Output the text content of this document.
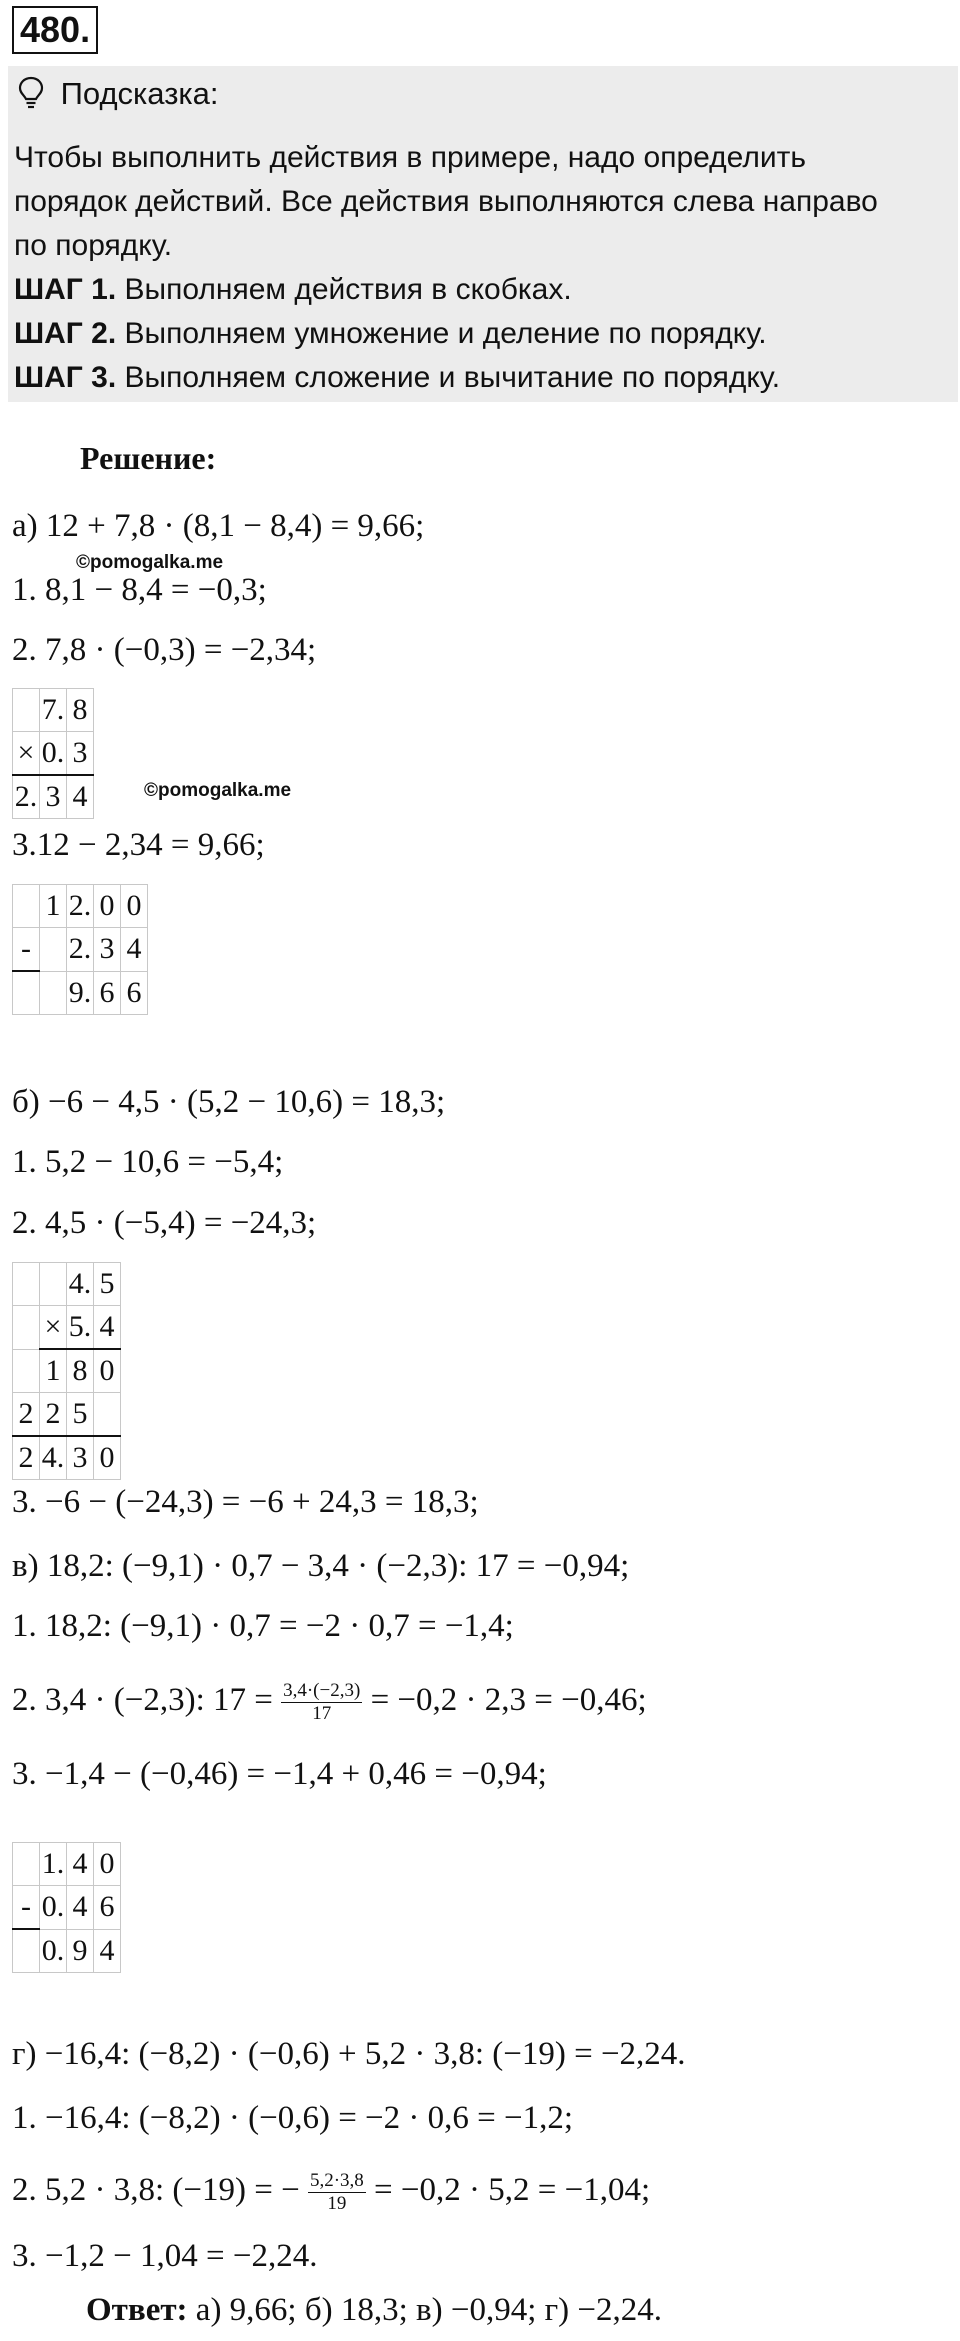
480.
Подсказка:
Чтобы выполнить действия в примере, надо определить
порядок действий. Все действия выполняются слева направо
по порядку.
ШАГ 1. Выполняем действия в скобках.
ШАГ 2. Выполняем умножение и деление по порядку.
ШАГ 3. Выполняем сложение и вычитание по порядку.
Решение:
а) 12 + 7,8 · (8,1 − 8,4) = 9,66;
©pomogalka.me
1. 8,1 − 8,4 = −0,3;
2. 7,8 · (−0,3) = −2,34;
	7.	8
×	0.	3
2.	3	4	©pomogalka.me
3.12 − 2,34 = 9,66;
	1	2.	0	0
-		2.	3	4
		9.	6	6
б) −6 − 4,5 · (5,2 − 10,6) = 18,3;
1. 5,2 − 10,6 = −5,4;
2. 4,5 · (−5,4) = −24,3;
		4.	5
	×	5.	4
	1	8	0
2	2	5	
2	4.	3	0
3. −6 − (−24,3) = −6 + 24,3 = 18,3;
в) 18,2: (−9,1) · 0,7 − 3,4 · (−2,3): 17 = −0,94;
1. 18,2: (−9,1) · 0,7 = −2 · 0,7 = −1,4;
2. 3,4 · (−2,3): $17 = \frac{3,4\cdot(-2,3)}{17} = -0,2 \cdot 2,3 = -0,46$;
3. −1,4 − (−0,46) = −1,4 + 0,46 = −0,94;
	1.	4	0
-	0.	4	6
	0.	9	4
г) −16,4: (−8,2) · (−0,6) + 5,2 · 3,8: (−19) = −2,24.
1. −16,4: (−8,2) · (−0,6) = −2 · 0,6 = −1,2;
2. 5,2 · 3,8: (−19) = − $\frac{5,2\cdot 3,8}{19} = -0,2 \cdot 5,2 = -1,04$;
3. −1,2 − 1,04 = −2,24.
Ответ: а) 9,66; б) 18,3; в) −0,94; г) −2,24.
